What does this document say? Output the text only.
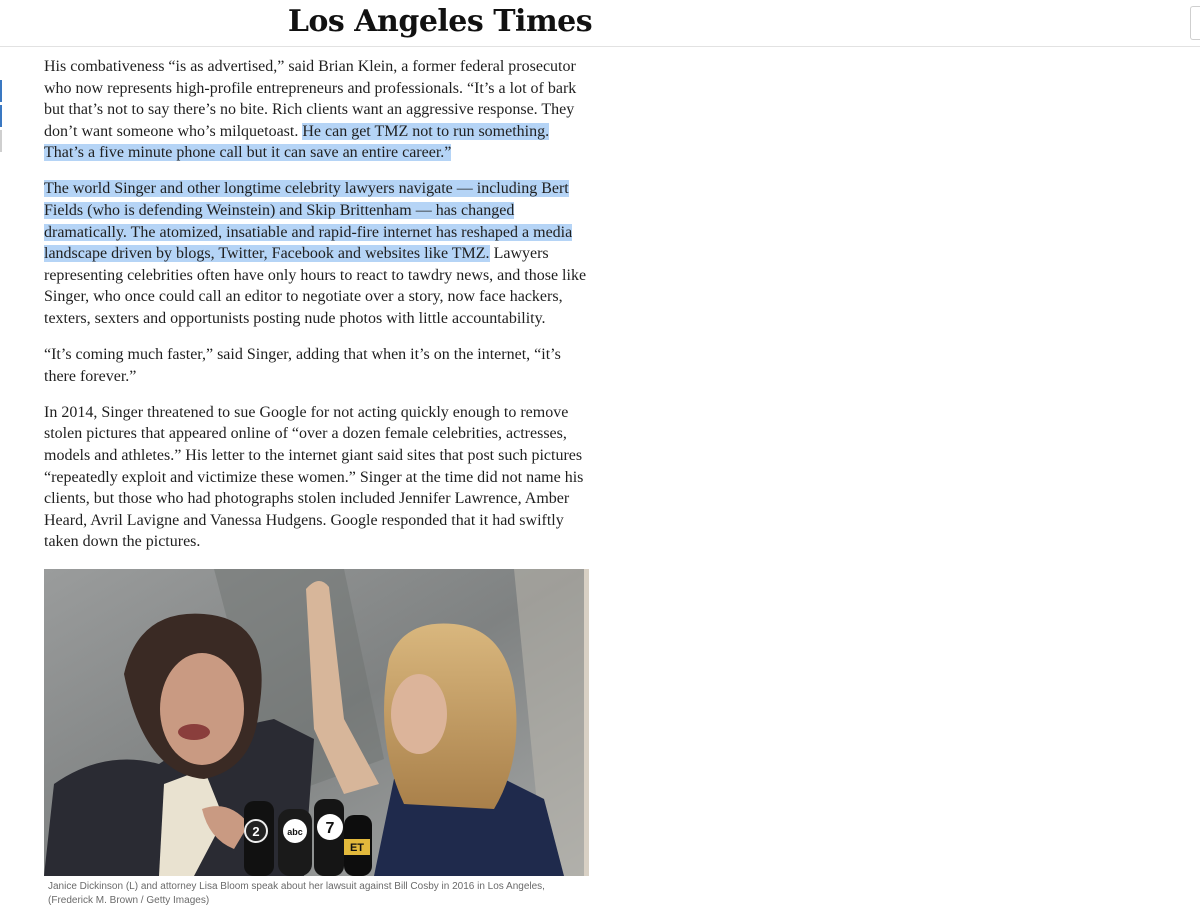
Los Angeles Times

His combativeness “is as advertised,” said Brian Klein, a former federal prosecutor who now represents high-profile entrepreneurs and professionals. “It’s a lot of bark but that’s not to say there’s no bite. Rich clients want an aggressive response. They don’t want someone who’s milquetoast. He can get TMZ not to run something. That’s a five minute phone call but it can save an entire career.”

The world Singer and other longtime celebrity lawyers navigate — including Bert Fields (who is defending Weinstein) and Skip Brittenham — has changed dramatically. The atomized, insatiable and rapid-fire internet has reshaped a media landscape driven by blogs, Twitter, Facebook and websites like TMZ. Lawyers representing celebrities often have only hours to react to tawdry news, and those like Singer, who once could call an editor to negotiate over a story, now face hackers, texters, sexters and opportunists posting nude photos with little accountability.

“It’s coming much faster,” said Singer, adding that when it’s on the internet, “it’s there forever.”

In 2014, Singer threatened to sue Google for not acting quickly enough to remove stolen pictures that appeared online of “over a dozen female celebrities, actresses, models and athletes.” His letter to the internet giant said sites that post such pictures “repeatedly exploit and victimize these women.” Singer at the time did not name his clients, but those who had photographs stolen included Jennifer Lawrence, Amber Heard, Avril Lavigne and Vanessa Hudgens. Google responded that it had swiftly taken down the pictures.

2	abc 7
ET
Janice Dickinson (L) and attorney Lisa Bloom speak about her lawsuit against Bill Cosby in 2016 in Los Angeles, (Frederick M. Brown / Getty Images)
